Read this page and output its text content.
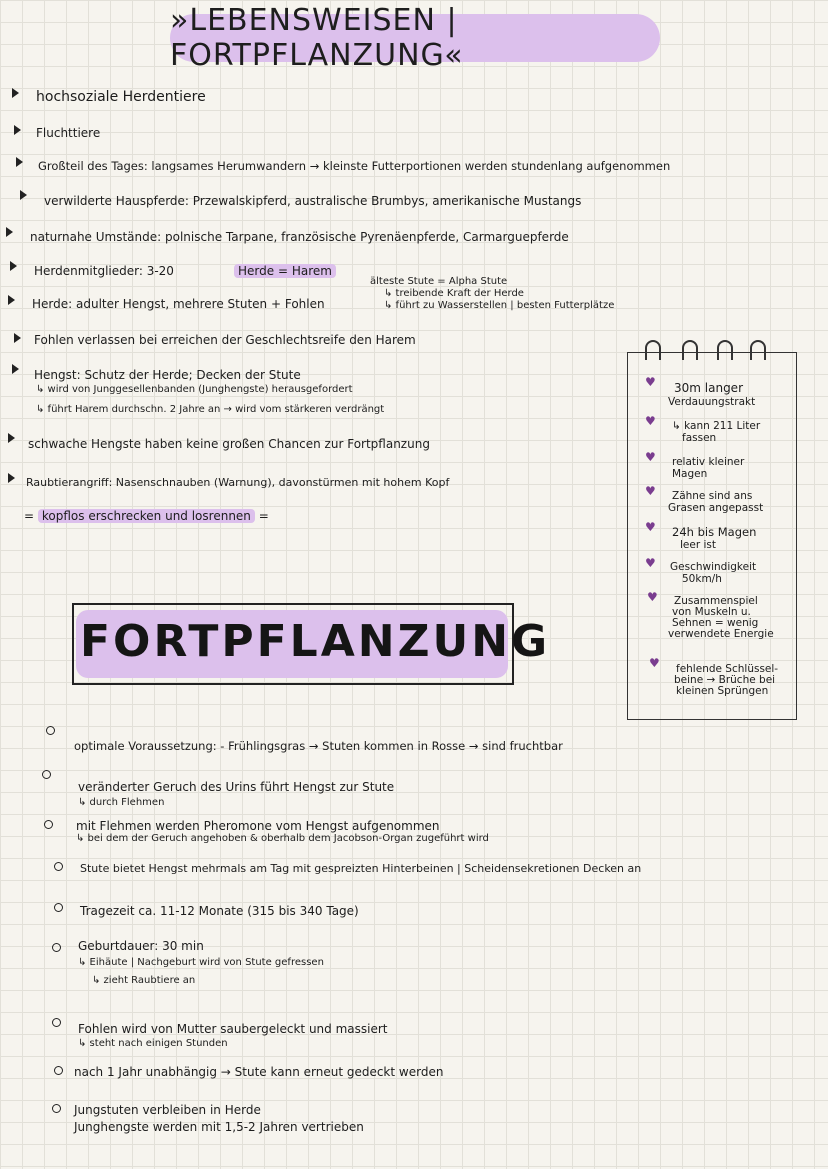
»LEBENSWEISEN | FORTPFLANZUNG«
hochsoziale Herdentiere
Fluchttiere
Großteil des Tages: langsames Herumwandern → kleinste Futterportionen werden stundenlang aufgenommen
verwilderte Hauspferde: Przewalskipferd, australische Brumbys, amerikanische Mustangs
naturnahe Umstände: polnische Tarpane, französische Pyrenäenpferde, Carmarguepferde
Herdenmitglieder: 3-20	Herde = Harem
älteste Stute = Alpha Stute
↳ treibende Kraft der Herde
↳ führt zu Wasserstellen | besten Futterplätze
Herde: adulter Hengst, mehrere Stuten + Fohlen
Fohlen verlassen bei erreichen der Geschlechtsreife den Harem
Hengst: Schutz der Herde; Decken der Stute
↳ wird von Junggesellenbanden (Junghengste) herausgefordert
↳ führt Harem durchschn. 2 Jahre an → wird vom stärkeren verdrängt
schwache Hengste haben keine großen Chancen zur Fortpflanzung
Raubtierangriff: Nasenschnauben (Warnung), davonstürmen mit hohem Kopf
= kopflos erschrecken und losrennen =
♥ 30m langer
Verdauungstrakt
♥ ↳ kann 211 Liter
fassen
♥ relativ kleiner
Magen
♥ Zähne sind ans
Grasen angepasst
♥ 24h bis Magen
leer ist
♥ Geschwindigkeit
50km/h
♥ Zusammenspiel
von Muskeln u.
Sehnen = wenig
verwendete Energie
♥ fehlende Schlüssel-
beine → Brüche bei
kleinen Sprüngen
FORTPFLANZUNG
optimale Voraussetzung: - Frühlingsgras → Stuten kommen in Rosse → sind fruchtbar
veränderter Geruch des Urins führt Hengst zur Stute
↳ durch Flehmen
mit Flehmen werden Pheromone vom Hengst aufgenommen
↳ bei dem der Geruch angehoben & oberhalb dem Jacobson-Organ zugeführt wird
Stute bietet Hengst mehrmals am Tag mit gespreizten Hinterbeinen | Scheidensekretionen Decken an
Tragezeit ca. 11-12 Monate (315 bis 340 Tage)
Geburtdauer: 30 min
↳ Eihäute | Nachgeburt wird von Stute gefressen
↳ zieht Raubtiere an
Fohlen wird von Mutter saubergeleckt und massiert
↳ steht nach einigen Stunden
nach 1 Jahr unabhängig → Stute kann erneut gedeckt werden
Jungstuten verbleiben in Herde
Junghengste werden mit 1,5-2 Jahren vertrieben
